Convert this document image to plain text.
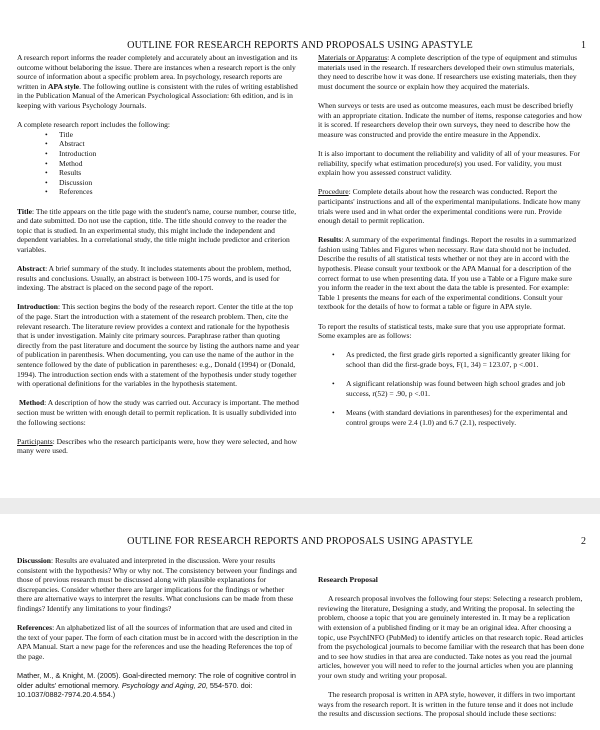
OUTLINE FOR RESEARCH REPORTS AND PROPOSALS USING APASTYLE	1

A research report informs the reader completely and accurately about an investigation and its outcome without belaboring the issue. There are instances when a research report is the only source of information about a specific problem area. In psychology, research reports are written in APA style. The following outline is consistent with the rules of writing established in the Publication Manual of the American Psychological Association: 6th edition, and is in keeping with various Psychology Journals.

A complete research report includes the following:
• Title
• Abstract
• Introduction
• Method
• Results
• Discussion
• References

Title: The title appears on the title page with the student's name, course number, course title, and date submitted. Do not use the caption, title. The title should convey to the reader the topic that is studied. In an experimental study, this might include the independent and dependent variables. In a correlational study, the title might include predictor and criterion variables.

Abstract: A brief summary of the study. It includes statements about the problem, method, results and conclusions. Usually, an abstract is between 100-175 words, and is used for indexing. The abstract is placed on the second page of the report.

Introduction: This section begins the body of the research report. Center the title at the top of the page. Start the introduction with a statement of the research problem. Then, cite the relevant research. The literature review provides a context and rationale for the hypothesis that is under investigation. Mainly cite primary sources. Paraphrase rather than quoting directly from the past literature and document the source by listing the authors name and year of publication in parenthesis. When documenting, you can use the name of the author in the sentence followed by the date of publication in parentheses: e.g., Donald (1994) or (Donald, 1994). The introduction section ends with a statement of the hypothesis under study together with operational definitions for the variables in the hypothesis statement.

Method: A description of how the study was carried out. Accuracy is important. The method section must be written with enough detail to permit replication. It is usually subdivided into the following sections:

Participants: Describes who the research participants were, how they were selected, and how many were used.

Materials or Apparatus: A complete description of the type of equipment and stimulus materials used in the research. If researchers developed their own stimulus materials, they need to describe how it was done. If researchers use existing materials, then they must document the source or explain how they acquired the materials.

When surveys or tests are used as outcome measures, each must be described briefly with an appropriate citation. Indicate the number of items, response categories and how it is scored. If researchers develop their own surveys, they need to describe how the measure was constructed and provide the entire measure in the Appendix.

It is also important to document the reliability and validity of all of your measures. For reliability, specify what estimation procedure(s) you used. For validity, you must explain how you assessed construct validity.

Procedure: Complete details about how the research was conducted. Report the participants' instructions and all of the experimental manipulations. Indicate how many trials were used and in what order the experimental conditions were run. Provide enough detail to permit replication.

Results: A summary of the experimental findings. Report the results in a summarized fashion using Tables and Figures when necessary. Raw data should not be included. Describe the results of all statistical tests whether or not they are in accord with the hypothesis. Please consult your textbook or the APA Manual for a description of the correct format to use when presenting data. If you use a Table or a Figure make sure you inform the reader in the text about the data the table is presented. For example: Table 1 presents the means for each of the experimental conditions. Consult your textbook for the details of how to format a table or figure in APA style.

To report the results of statistical tests, make sure that you use appropriate format. Some examples are as follows:

• As predicted, the first grade girls reported a significantly greater liking for school than did the first-grade boys, F(1, 34) = 123.07, p <.001.
• A significant relationship was found between high school grades and job success, r(52) = .90, p <.01.
• Means (with standard deviations in parentheses) for the experimental and control groups were 2.4 (1.0) and 6.7 (2.1), respectively.
OUTLINE FOR RESEARCH REPORTS AND PROPOSALS USING APASTYLE	2

Discussion: Results are evaluated and interpreted in the discussion. Were your results consistent with the hypothesis? Why or why not. The consistency between your findings and those of previous research must be discussed along with plausible explanations for discrepancies. Consider whether there are larger implications for the findings or whether there are alternative ways to interpret the results. What conclusions can be made from these findings? Identify any limitations to your findings?

References: An alphabetized list of all the sources of information that are used and cited in the text of your paper. The form of each citation must be in accord with the description in the APA Manual. Start a new page for the references and use the heading References the top of the page.

Mather, M., & Knight, M. (2005). Goal-directed memory: The role of cognitive control in older adults' emotional memory. Psychology and Aging, 20, 554-570. doi: 10.1037/0882-7974.20.4.554.)

Research Proposal

A research proposal involves the following four steps: Selecting a research problem, reviewing the literature, Designing a study, and Writing the proposal. In selecting the problem, choose a topic that you are genuinely interested in. It may be a replication with extension of a published finding or it may be an original idea. After choosing a topic, use PsychINFO (PubMed) to identify articles on that research topic. Read articles from the psychological journals to become familiar with the research that has been done and to see how studies in that area are conducted. Take notes as you read the journal articles, however you will need to refer to the journal articles when you are planning your own study and writing your proposal.

The research proposal is written in APA style, however, it differs in two important ways from the research report. It is written in the future tense and it does not include the results and discussion sections. The proposal should include these sections:
